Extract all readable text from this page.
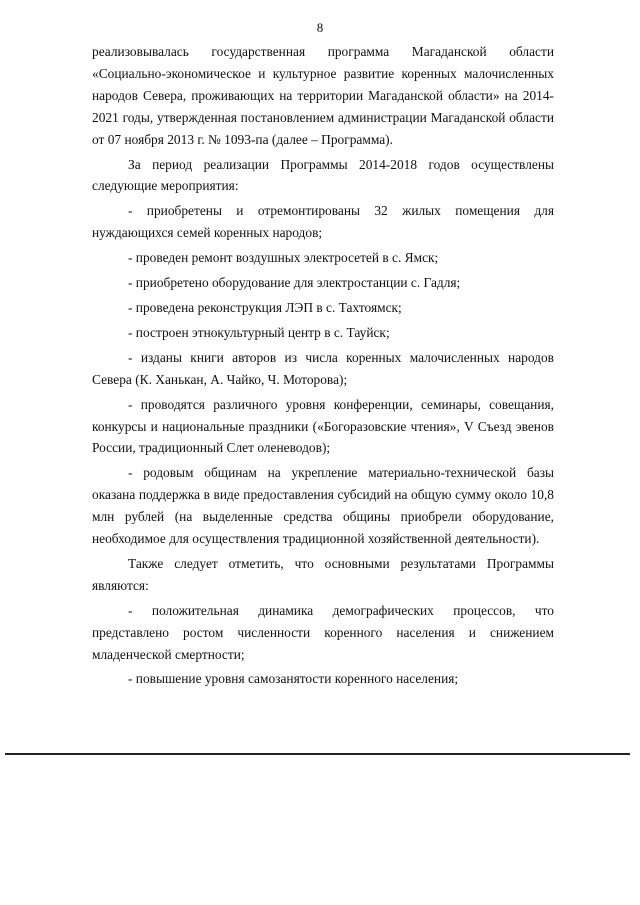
8

реализовывалась государственная программа Магаданской области «Социально-экономическое и культурное развитие коренных малочисленных народов Севера, проживающих на территории Магаданской области» на 2014-2021 годы, утвержденная постановлением администрации Магаданской области от 07 ноября 2013 г. № 1093-па (далее – Программа).

За период реализации Программы 2014-2018 годов осуществлены следующие мероприятия:

- приобретены и отремонтированы 32 жилых помещения для нуждающихся семей коренных народов;

- проведен ремонт воздушных электросетей в с. Ямск;

- приобретено оборудование для электростанции с. Гадля;

- проведена реконструкция ЛЭП в с. Тахтоямск;

- построен этнокультурный центр в с. Тауйск;

- изданы книги авторов из числа коренных малочисленных народов Севера (К. Ханькан, А. Чайко, Ч. Моторова);

- проводятся различного уровня конференции, семинары, совещания, конкурсы и национальные праздники («Богоразовские чтения», V Съезд эвенов России, традиционный Слет оленеводов);

- родовым общинам на укрепление материально-технической базы оказана поддержка в виде предоставления субсидий на общую сумму около 10,8 млн рублей (на выделенные средства общины приобрели оборудование, необходимое для осуществления традиционной хозяйственной деятельности).

Также следует отметить, что основными результатами Программы являются:

- положительная динамика демографических процессов, что представлено ростом численности коренного населения и снижением младенческой смертности;

- повышение уровня самозанятости коренного населения;
